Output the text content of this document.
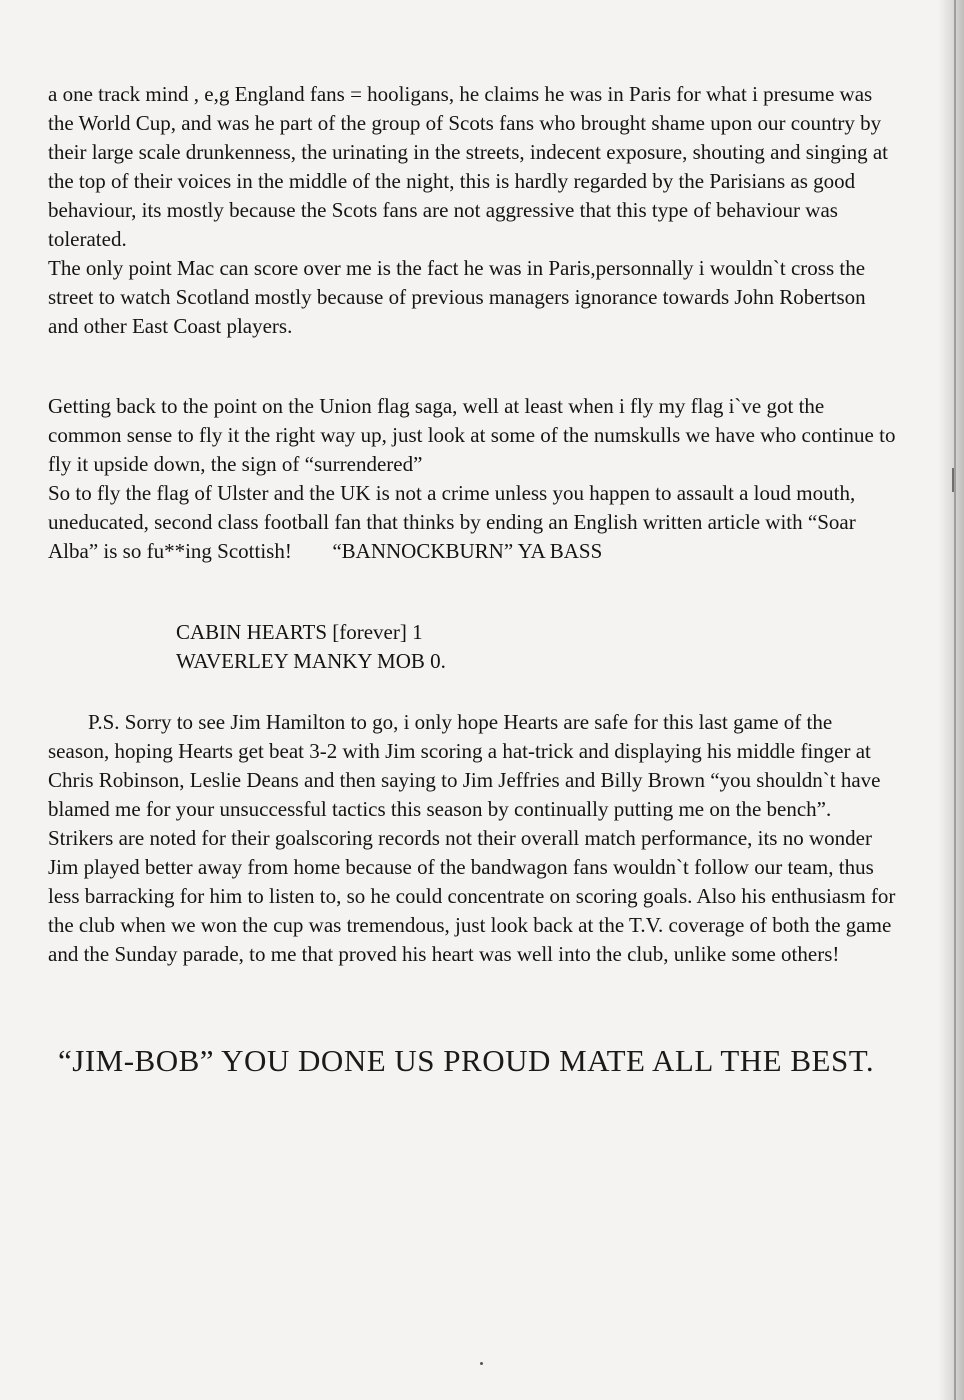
a one track mind , e,g England fans = hooligans, he claims he was in Paris for what i presume was the World Cup, and was he part of the group of Scots fans who brought shame upon our country by their large scale drunkenness, the urinating in the streets, indecent exposure, shouting and singing at the top of their voices in the middle of the night, this is hardly regarded by the Parisians as good behaviour, its mostly because the Scots fans are not aggressive that this type of behaviour was tolerated.

The only point Mac can score over me is the fact he was in Paris,personnally i wouldn`t cross the street to watch Scotland mostly because of previous managers ignorance towards John Robertson and other East Coast players.

Getting back to the point on the Union flag saga, well at least when i fly my flag i`ve got the common sense to fly it the right way up, just look at some of the numskulls we have who continue to fly it upside down, the sign of “surrendered”

So to fly the flag of Ulster and the UK is not a crime unless you happen to assault a loud mouth, uneducated, second class football fan that thinks by ending an English written article with “Soar Alba” is so fu**ing Scottish! “BANNOCKBURN” YA BASS

CABIN HEARTS [forever] 1
WAVERLEY MANKY MOB 0.

P.S. Sorry to see Jim Hamilton to go, i only hope Hearts are safe for this last game of the season, hoping Hearts get beat 3-2 with Jim scoring a hat-trick and displaying his middle finger at Chris Robinson, Leslie Deans and then saying to Jim Jeffries and Billy Brown “you shouldn`t have blamed me for your unsuccessful tactics this season by continually putting me on the bench”. Strikers are noted for their goalscoring records not their overall match performance, its no wonder Jim played better away from home because of the bandwagon fans wouldn`t follow our team, thus less barracking for him to listen to, so he could concentrate on scoring goals. Also his enthusiasm for the club when we won the cup was tremendous, just look back at the T.V. coverage of both the game and the Sunday parade, to me that proved his heart was well into the club, unlike some others!

“JIM-BOB” YOU DONE US PROUD MATE ALL THE BEST.
